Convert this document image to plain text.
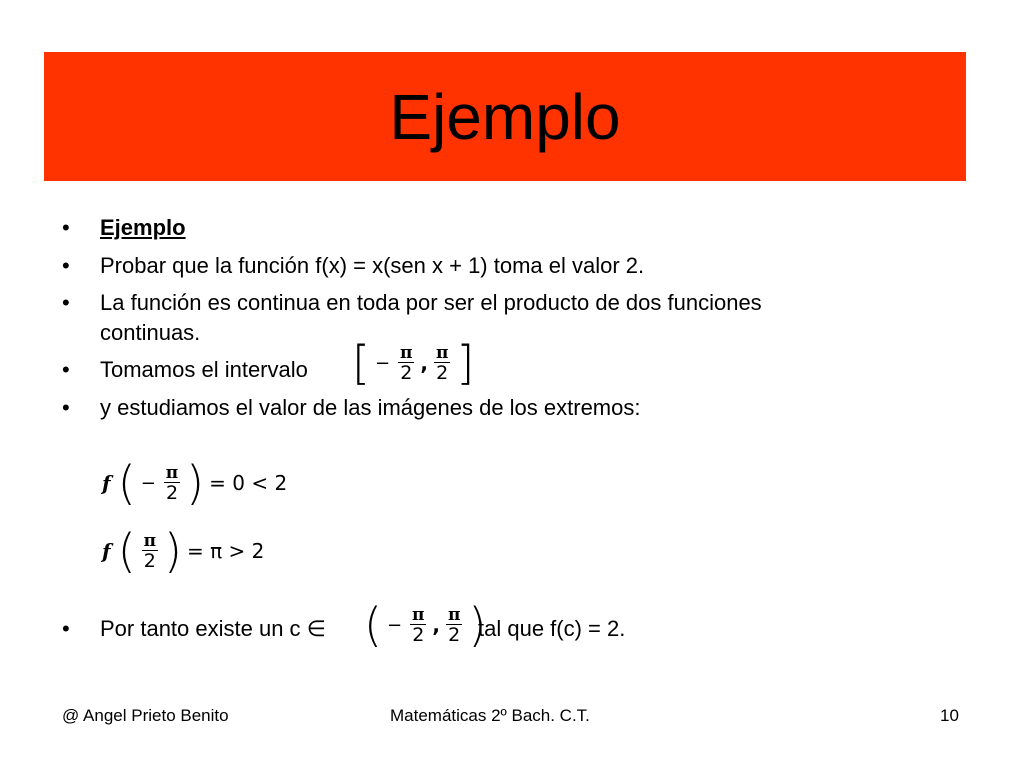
Ejemplo
•	Ejemplo
•	Probar que la función f(x) = x(sen x + 1) toma el valor 2.
•	La función es continua en toda por ser el producto de dos funciones
continuas.
•	Tomamos el intervalo
•	y estudiamos el valor de las imágenes de los extremos:
•	Por tanto existe un c ∈	tal que f(c) = 2.
[ − $\frac{\pi}{2}$ , $\frac{\pi}{2}$ ]
f ( − $\frac{\pi}{2}$ ) = 0 < 2
f ( $\frac{\pi}{2}$ ) = π > 2
( − $\frac{\pi}{2}$ , $\frac{\pi}{2}$ )
@ Angel Prieto Benito	Matemáticas 2º Bach. C.T.	10
